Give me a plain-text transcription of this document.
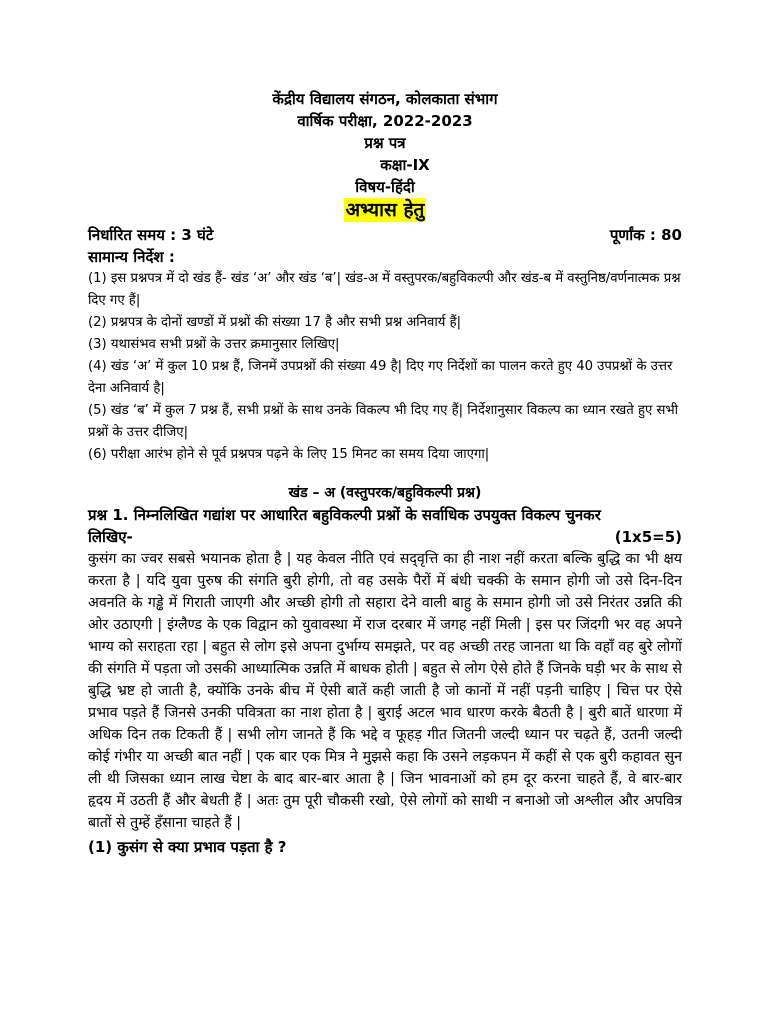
केंद्रीय विद्यालय संगठन, कोलकाता संभाग
वार्षिक परीक्षा, 2022-2023
प्रश्न पत्र
कक्षा-IX
विषय-हिंदी
अभ्यास हेतु
निर्धारित समय : 3 घंटे	पूर्णांक : 80
सामान्य निर्देश :

(1) इस प्रश्नपत्र में दो खंड हैं- खंड ‘अ’ और खंड ‘ब’| खंड-अ में वस्तुपरक/बहुविकल्पी और खंड-ब में वस्तुनिष्ठ/वर्णनात्मक प्रश्न दिए गए हैं|

(2) प्रश्नपत्र के दोनों खण्डों में प्रश्नों की संख्या 17 है और सभी प्रश्न अनिवार्य हैं|

(3) यथासंभव सभी प्रश्नों के उत्तर क्रमानुसार लिखिए|

(4) खंड ‘अ’ में कुल 10 प्रश्न हैं, जिनमें उपप्रश्नों की संख्या 49 है| दिए गए निर्देशों का पालन करते हुए 40 उपप्रश्नों के उत्तर देना अनिवार्य है|

(5) खंड ‘ब’ में कुल 7 प्रश्न हैं, सभी प्रश्नों के साथ उनके विकल्प भी दिए गए हैं| निर्देशानुसार विकल्प का ध्यान रखते हुए सभी प्रश्नों के उत्तर दीजिए|

(6) परीक्षा आरंभ होने से पूर्व प्रश्नपत्र पढ़ने के लिए 15 मिनट का समय दिया जाएगा|

खंड – अ (वस्तुपरक/बहुविकल्पी प्रश्न)
प्रश्न 1. निम्नलिखित गद्यांश पर आधारित बहुविकल्पी प्रश्नों के सर्वाधिक उपयुक्त विकल्प चुनकर
लिखिए-	(1x5=5)

कुसंग का ज्वर सबसे भयानक होता है | यह केवल नीति एवं सद्‌वृत्ति का ही नाश नहीं करता बल्कि बुद्धि का भी क्षय करता है | यदि युवा पुरुष की संगति बुरी होगी, तो वह उसके पैरों में बंधी चक्की के समान होगी जो उसे दिन-दिन अवनति के गड्ढे में गिराती जाएगी और अच्छी होगी तो सहारा देने वाली बाहु के समान होगी जो उसे निरंतर उन्नति की ओर उठाएगी | इंग्लैण्ड के एक विद्वान को युवावस्था में राज दरबार में जगह नहीं मिली | इस पर जिंदगी भर वह अपने भाग्य को सराहता रहा | बहुत से लोग इसे अपना दुर्भाग्य समझते, पर वह अच्छी तरह जानता था कि वहाँ वह बुरे लोगों की संगति में पड़ता जो उसकी आध्यात्मिक उन्नति में बाधक होती | बहुत से लोग ऐसे होते हैं जिनके घड़ी भर के साथ से बुद्धि भ्रष्ट हो जाती है, क्योंकि उनके बीच में ऐसी बातें कही जाती है जो कानों में नहीं पड़नी चाहिए | चित्त पर ऐसे प्रभाव पड़ते हैं जिनसे उनकी पवित्रता का नाश होता है | बुराई अटल भाव धारण करके बैठती है | बुरी बातें धारणा में अधिक दिन तक टिकती हैं | सभी लोग जानते हैं कि भद्दे व फूहड़ गीत जितनी जल्दी ध्यान पर चढ़ते हैं, उतनी जल्दी कोई गंभीर या अच्छी बात नहीं | एक बार एक मित्र ने मुझसे कहा कि उसने लड़कपन में कहीं से एक बुरी कहावत सुन ली थी जिसका ध्यान लाख चेष्टा के बाद बार-बार आता है | जिन भावनाओं को हम दूर करना चाहते हैं, वे बार-बार हृदय में उठती हैं और बेधती हैं | अतः तुम पूरी चौकसी रखो, ऐसे लोगों को साथी न बनाओ जो अश्लील और अपवित्र बातों से तुम्हें हँसाना चाहते हैं |

(1) कुसंग से क्या प्रभाव पड़ता है ?
